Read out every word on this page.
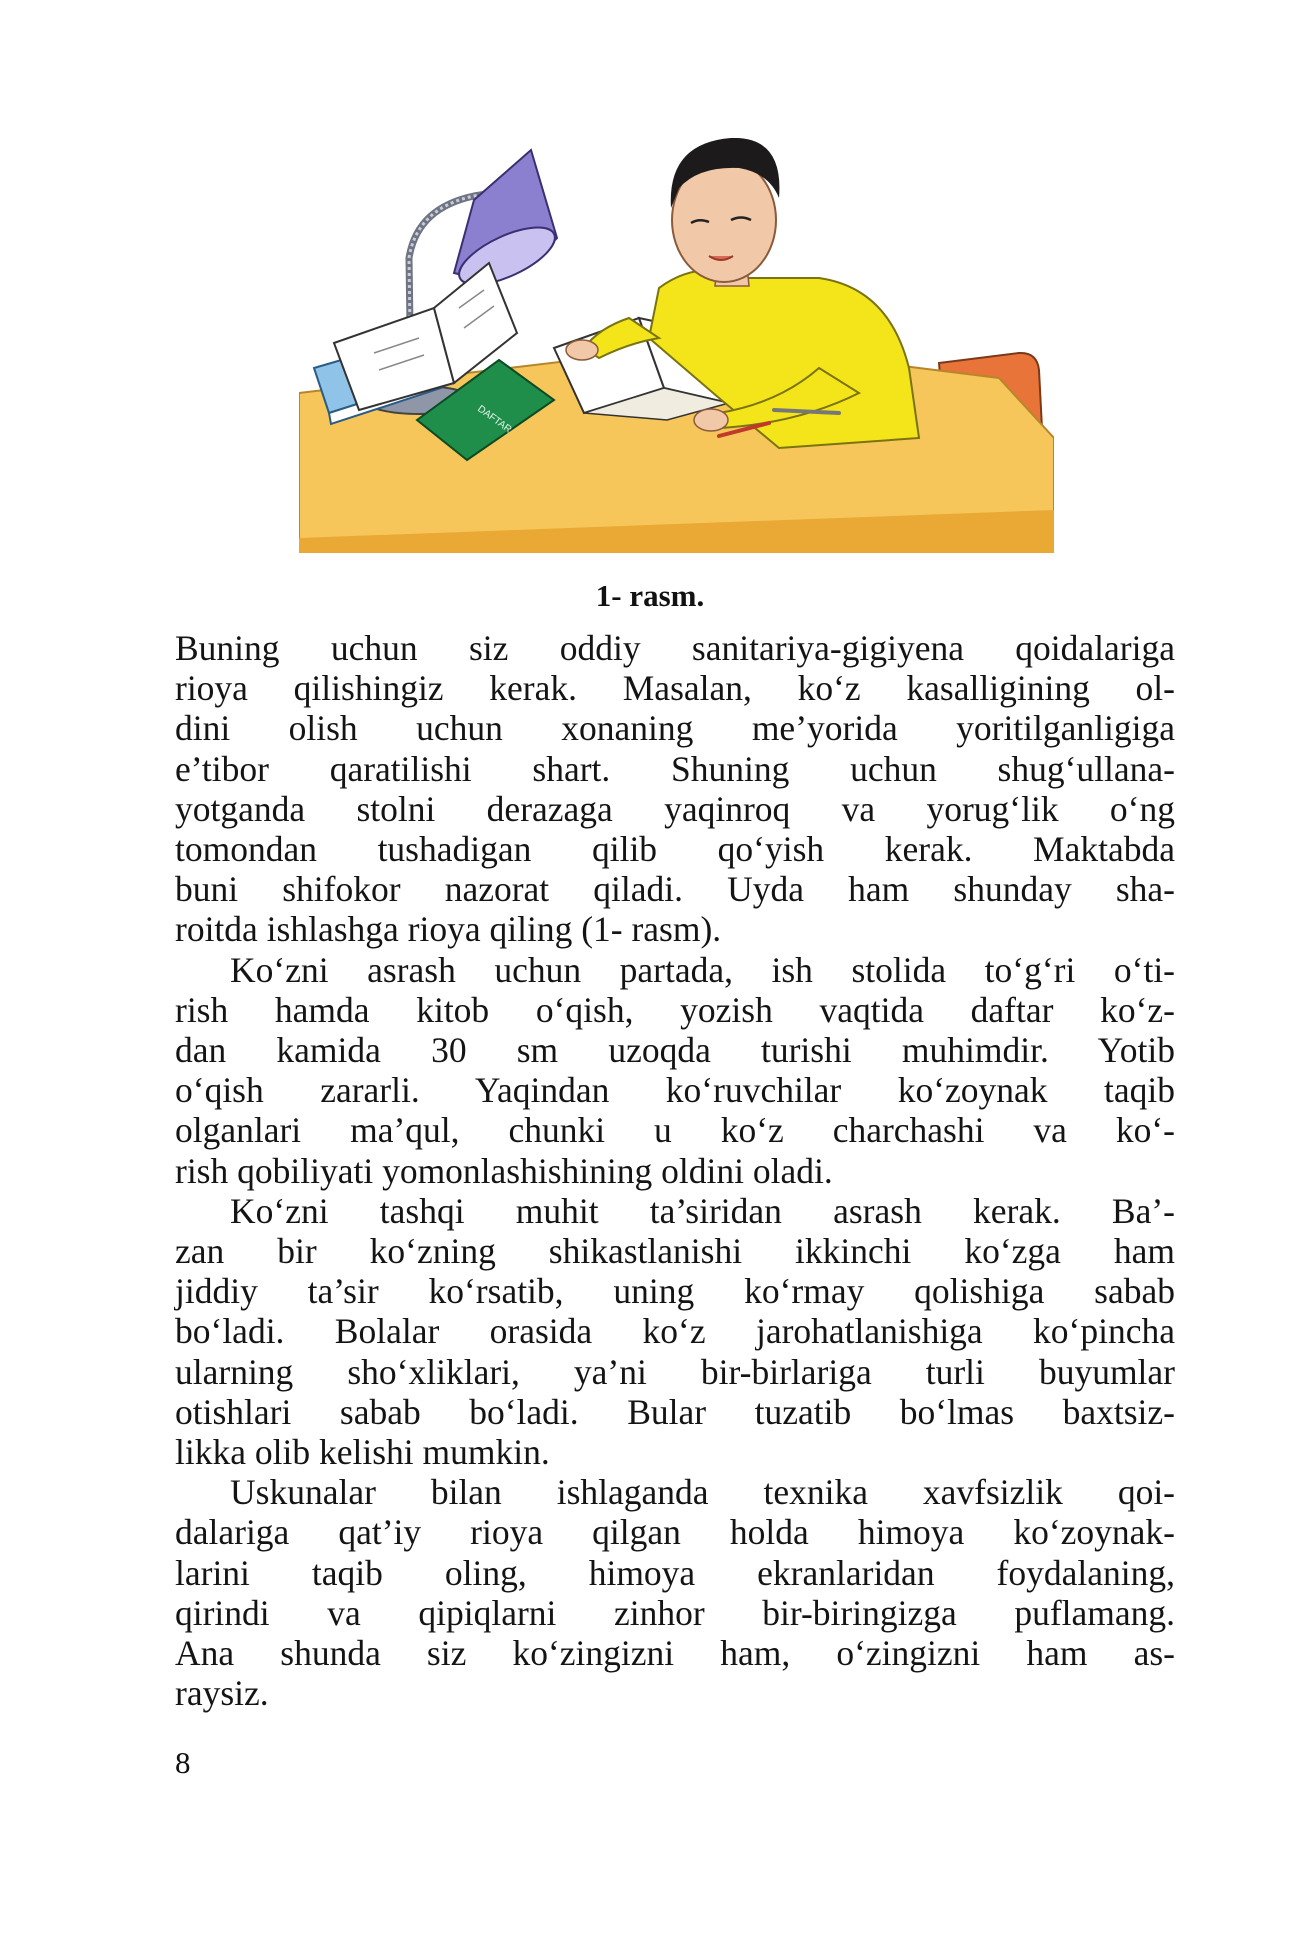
DAFTAR
1- rasm.

Buning uchun siz oddiy sanitariya-gigiyena qoidalariga
rioya qilishingiz kerak. Masalan, ko‘z kasalligining ol-
dini olish uchun xonaning me’yorida yoritilganligiga
e’tibor qaratilishi shart. Shuning uchun shug‘ullana-
yotganda stolni derazaga yaqinroq va yorug‘lik o‘ng
tomondan tushadigan qilib qo‘yish kerak. Maktabda
buni shifokor nazorat qiladi. Uyda ham shunday sha-
roitda ishlashga rioya qiling (1- rasm).

Ko‘zni asrash uchun partada, ish stolida to‘g‘ri o‘ti-
rish hamda kitob o‘qish, yozish vaqtida daftar ko‘z-
dan kamida 30 sm uzoqda turishi muhimdir. Yotib
o‘qish zararli. Yaqindan ko‘ruvchilar ko‘zoynak taqib
olganlari ma’qul, chunki u ko‘z charchashi va ko‘-
rish qobiliyati yomonlashishining oldini oladi.

Ko‘zni tashqi muhit ta’siridan asrash kerak. Ba’-
zan bir ko‘zning shikastlanishi ikkinchi ko‘zga ham
jiddiy ta’sir ko‘rsatib, uning ko‘rmay qolishiga sabab
bo‘ladi. Bolalar orasida ko‘z jarohatlanishiga ko‘pincha
ularning sho‘xliklari, ya’ni bir-birlariga turli buyumlar
otishlari sabab bo‘ladi. Bular tuzatib bo‘lmas baxtsiz-
likka olib kelishi mumkin.

Uskunalar bilan ishlaganda texnika xavfsizlik qoi-
dalariga qat’iy rioya qilgan holda himoya ko‘zoynak-
larini taqib oling, himoya ekranlaridan foydalaning,
qirindi va qipiqlarni zinhor bir-biringizga puflamang.
Ana shunda siz ko‘zingizni ham, o‘zingizni ham as-
raysiz.

8
